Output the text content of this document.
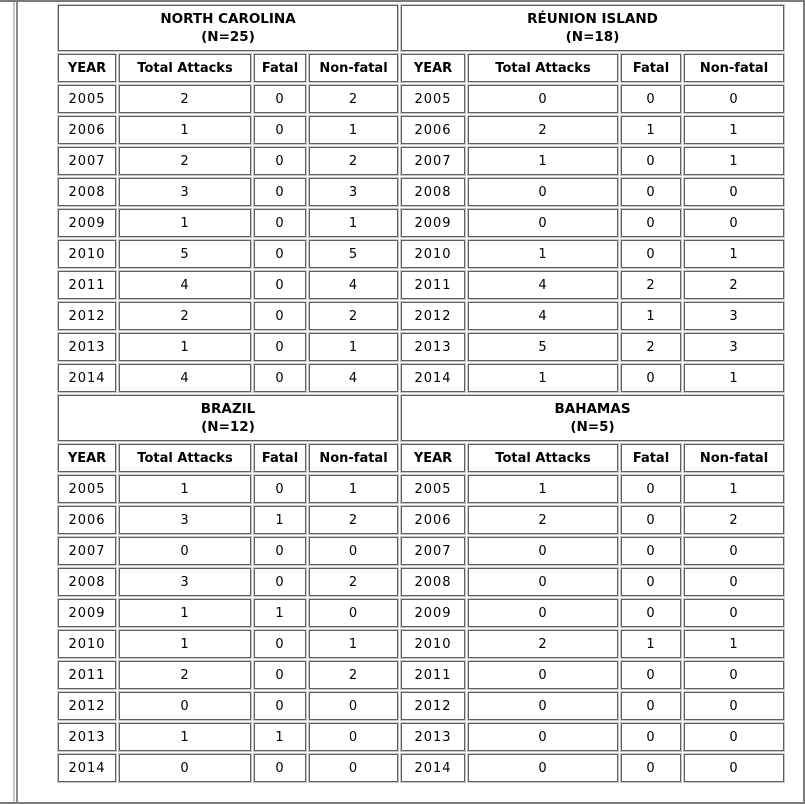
NORTH CAROLINA
(N=25)

RÉUNION ISLAND
(N=18)

YEAR	Total Attacks	Fatal	Non-fatal	YEAR	Total Attacks	Fatal	Non-fatal
2005	2	0	2	2005	0	0	0
2006	1	0	1	2006	2	1	1
2007	2	0	2	2007	1	0	1
2008	3	0	3	2008	0	0	0
2009	1	0	1	2009	0	0	0
2010	5	0	5	2010	1	0	1
2011	4	0	4	2011	4	2	2
2012	2	0	2	2012	4	1	3
2013	1	0	1	2013	5	2	3
2014	4	0	4	2014	1	0	1

BRAZIL
(N=12)

BAHAMAS
(N=5)

YEAR	Total Attacks	Fatal	Non-fatal	YEAR	Total Attacks	Fatal	Non-fatal
2005	1	0	1	2005	1	0	1
2006	3	1	2	2006	2	0	2
2007	0	0	0	2007	0	0	0
2008	3	0	2	2008	0	0	0
2009	1	1	0	2009	0	0	0
2010	1	0	1	2010	2	1	1
2011	2	0	2	2011	0	0	0
2012	0	0	0	2012	0	0	0
2013	1	1	0	2013	0	0	0
2014	0	0	0	2014	0	0	0
